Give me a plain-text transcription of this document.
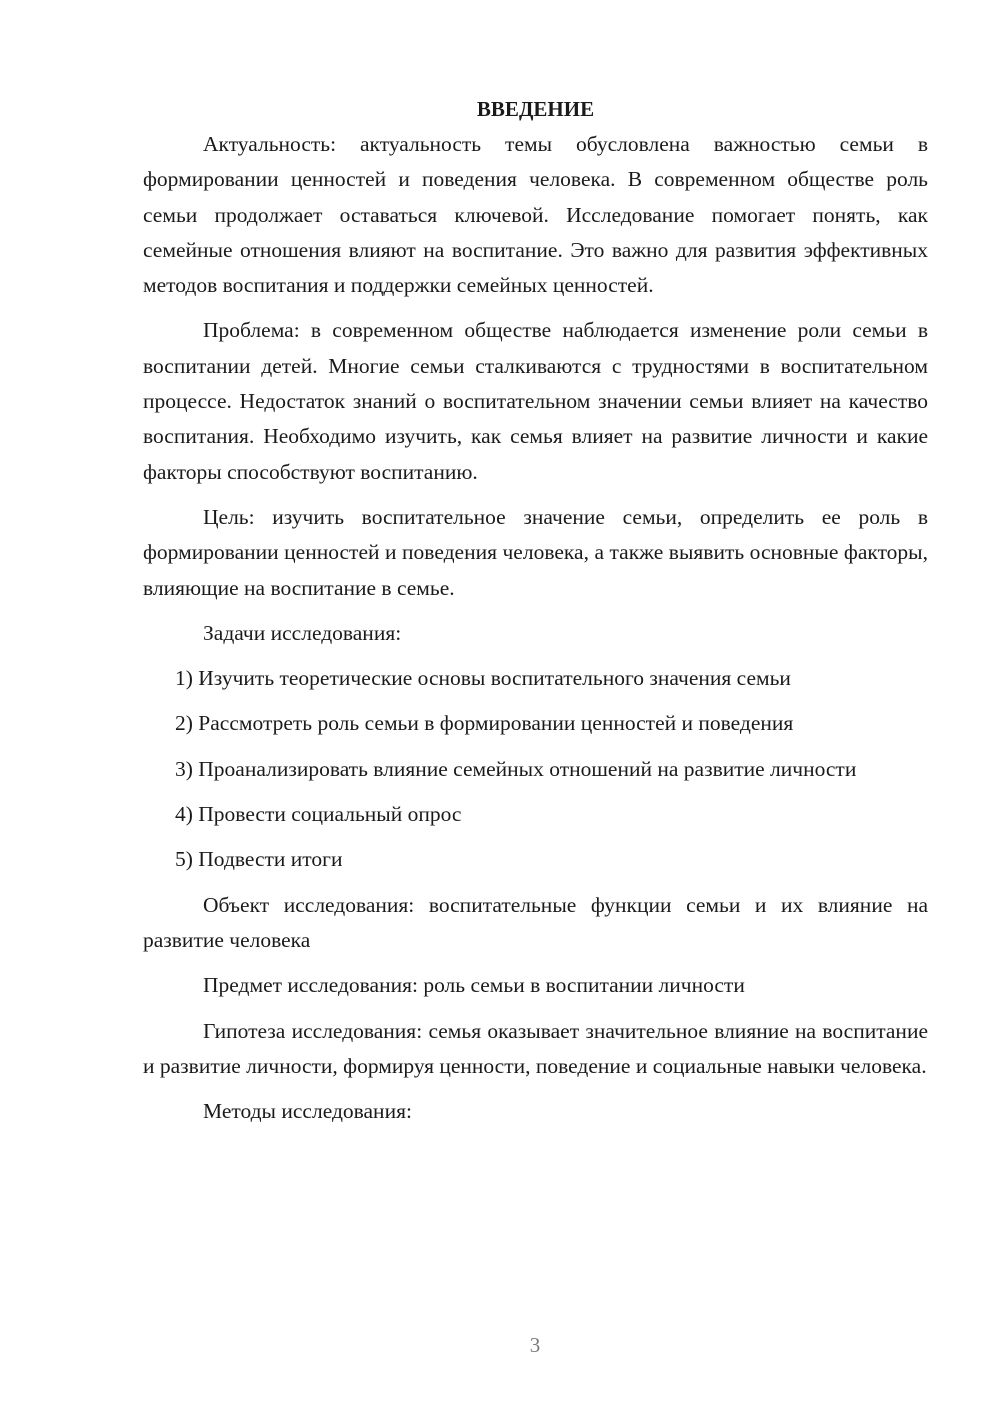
ВВЕДЕНИЕ

Актуальность: актуальность темы обусловлена важностью семьи в формировании ценностей и поведения человека. В современном обществе роль семьи продолжает оставаться ключевой. Исследование помогает понять, как семейные отношения влияют на воспитание. Это важно для развития эффективных методов воспитания и поддержки семейных ценностей.

Проблема: в современном обществе наблюдается изменение роли семьи в воспитании детей. Многие семьи сталкиваются с трудностями в воспитательном процессе. Недостаток знаний о воспитательном значении семьи влияет на качество воспитания. Необходимо изучить, как семья влияет на развитие личности и какие факторы способствуют воспитанию.

Цель: изучить воспитательное значение семьи, определить ее роль в формировании ценностей и поведения человека, а также выявить основные факторы, влияющие на воспитание в семье.

Задачи исследования:

1) Изучить теоретические основы воспитательного значения семьи
2) Рассмотреть роль семьи в формировании ценностей и поведения
3) Проанализировать влияние семейных отношений на развитие личности
4) Провести социальный опрос
5) Подвести итоги

Объект исследования: воспитательные функции семьи и их влияние на развитие человека

Предмет исследования: роль семьи в воспитании личности

Гипотеза исследования: семья оказывает значительное влияние на воспитание и развитие личности, формируя ценности, поведение и социальные навыки человека.

Методы исследования:

3
